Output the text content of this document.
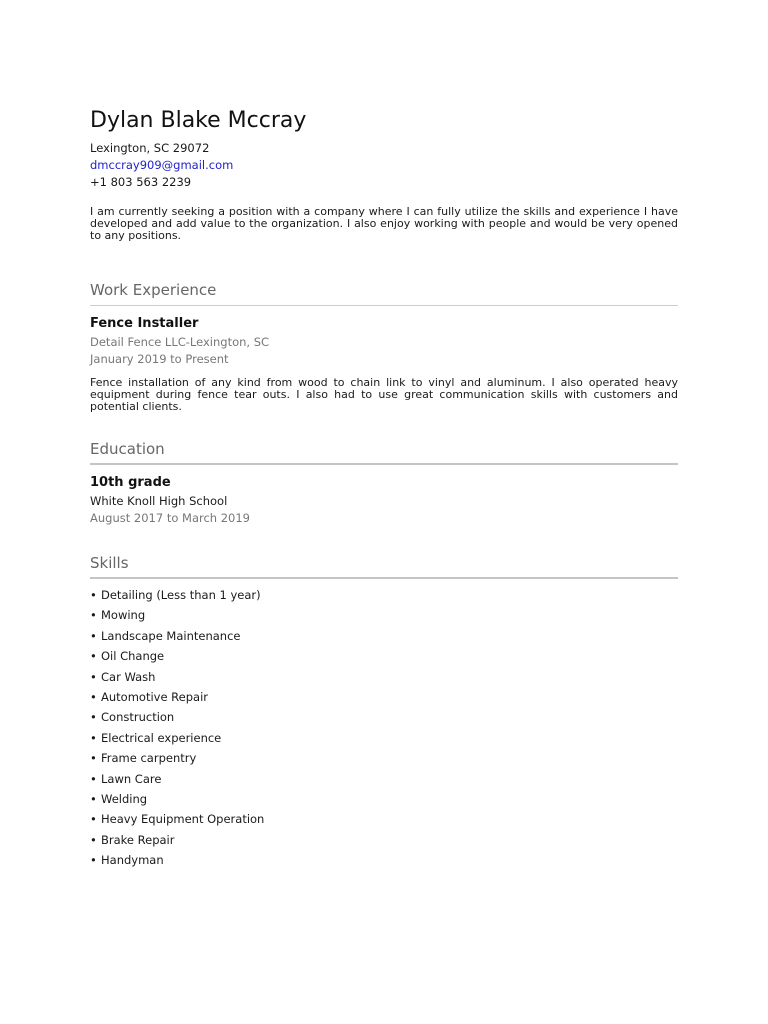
Dylan Blake Mccray
Lexington, SC 29072
dmccray909@gmail.com
+1 803 563 2239

I am currently seeking a position with a company where I can fully utilize the skills and experience I have developed and add value to the organization. I also enjoy working with people and would be very opened to any positions.

Work Experience
Fence Installer
Detail Fence LLC-Lexington, SC
January 2019 to Present

Fence installation of any kind from wood to chain link to vinyl and aluminum. I also operated heavy equipment during fence tear outs. I also had to use great communication skills with customers and potential clients.

Education
10th grade
White Knoll High School
August 2017 to March 2019
Skills
• Detailing (Less than 1 year)
• Mowing
• Landscape Maintenance
• Oil Change
• Car Wash
• Automotive Repair
• Construction
• Electrical experience
• Frame carpentry
• Lawn Care
• Welding
• Heavy Equipment Operation
• Brake Repair
• Handyman
